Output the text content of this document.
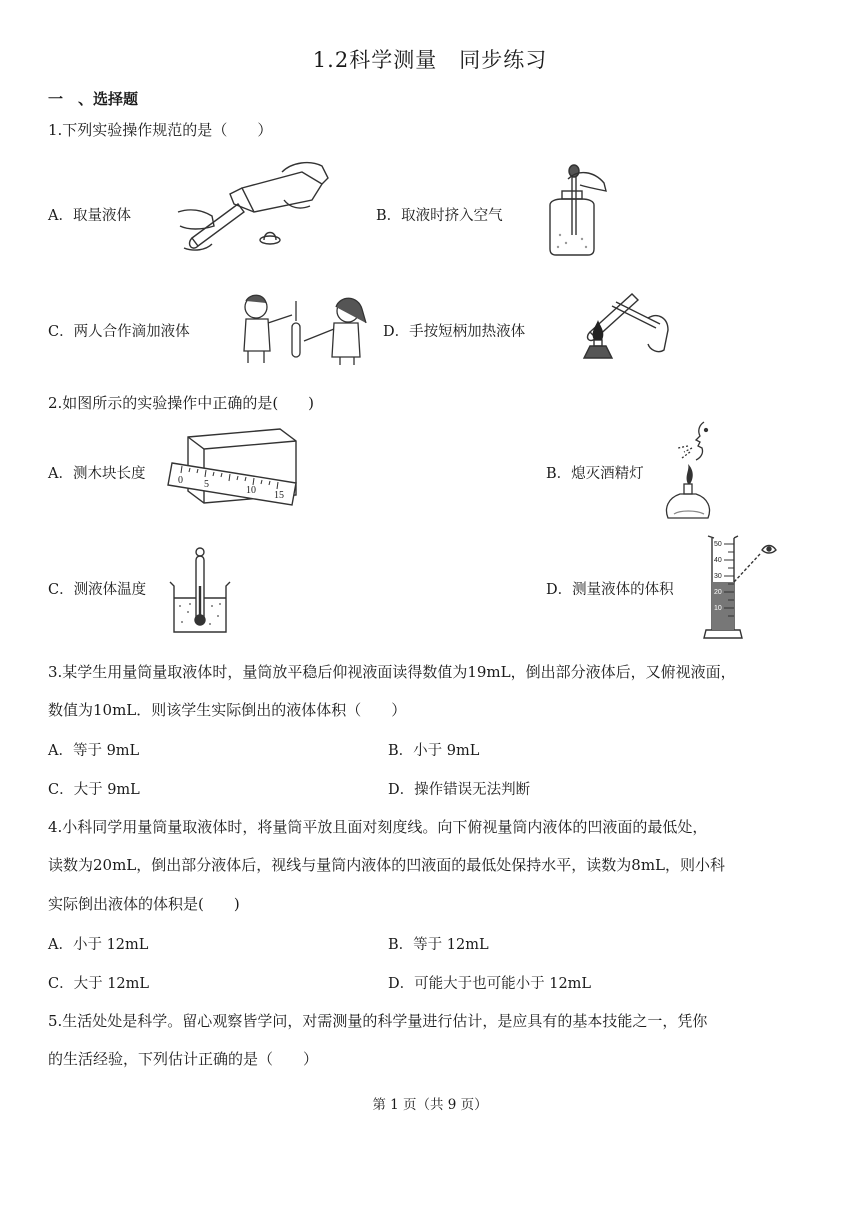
1.2科学测量　同步练习
一　、选择题
1.下列实验操作规范的是（　　）
A．取量液体	B．取液时挤入空气
C．两人合作滴加液体	D．手按短柄加热液体
2.如图所示的实验操作中正确的是(　　)
A．测木块长度	0 5
10 15
B．熄灭酒精灯
C．测液体温度	D．测量液体的体积
50
40
30
20
10
3.某学生用量筒量取液体时，量筒放平稳后仰视液面读得数值为19mL，倒出部分液体后，又俯视液面，
数值为10mL．则该学生实际倒出的液体体积（　　）
A．等于 9mL	B．小于 9mL
C．大于 9mL	D．操作错误无法判断
4.小科同学用量筒量取液体时，将量筒平放且面对刻度线。向下俯视量筒内液体的凹液面的最低处，
读数为20mL，倒出部分液体后，视线与量筒内液体的凹液面的最低处保持水平，读数为8mL，则小科
实际倒出液体的体积是(　　)
A．小于 12mL	B．等于 12mL
C．大于 12mL	D．可能大于也可能小于 12mL
5.生活处处是科学。留心观察皆学问，对需测量的科学量进行估计，是应具有的基本技能之一，凭你
的生活经验，下列估计正确的是（　　）
第 1 页（共 9 页）
